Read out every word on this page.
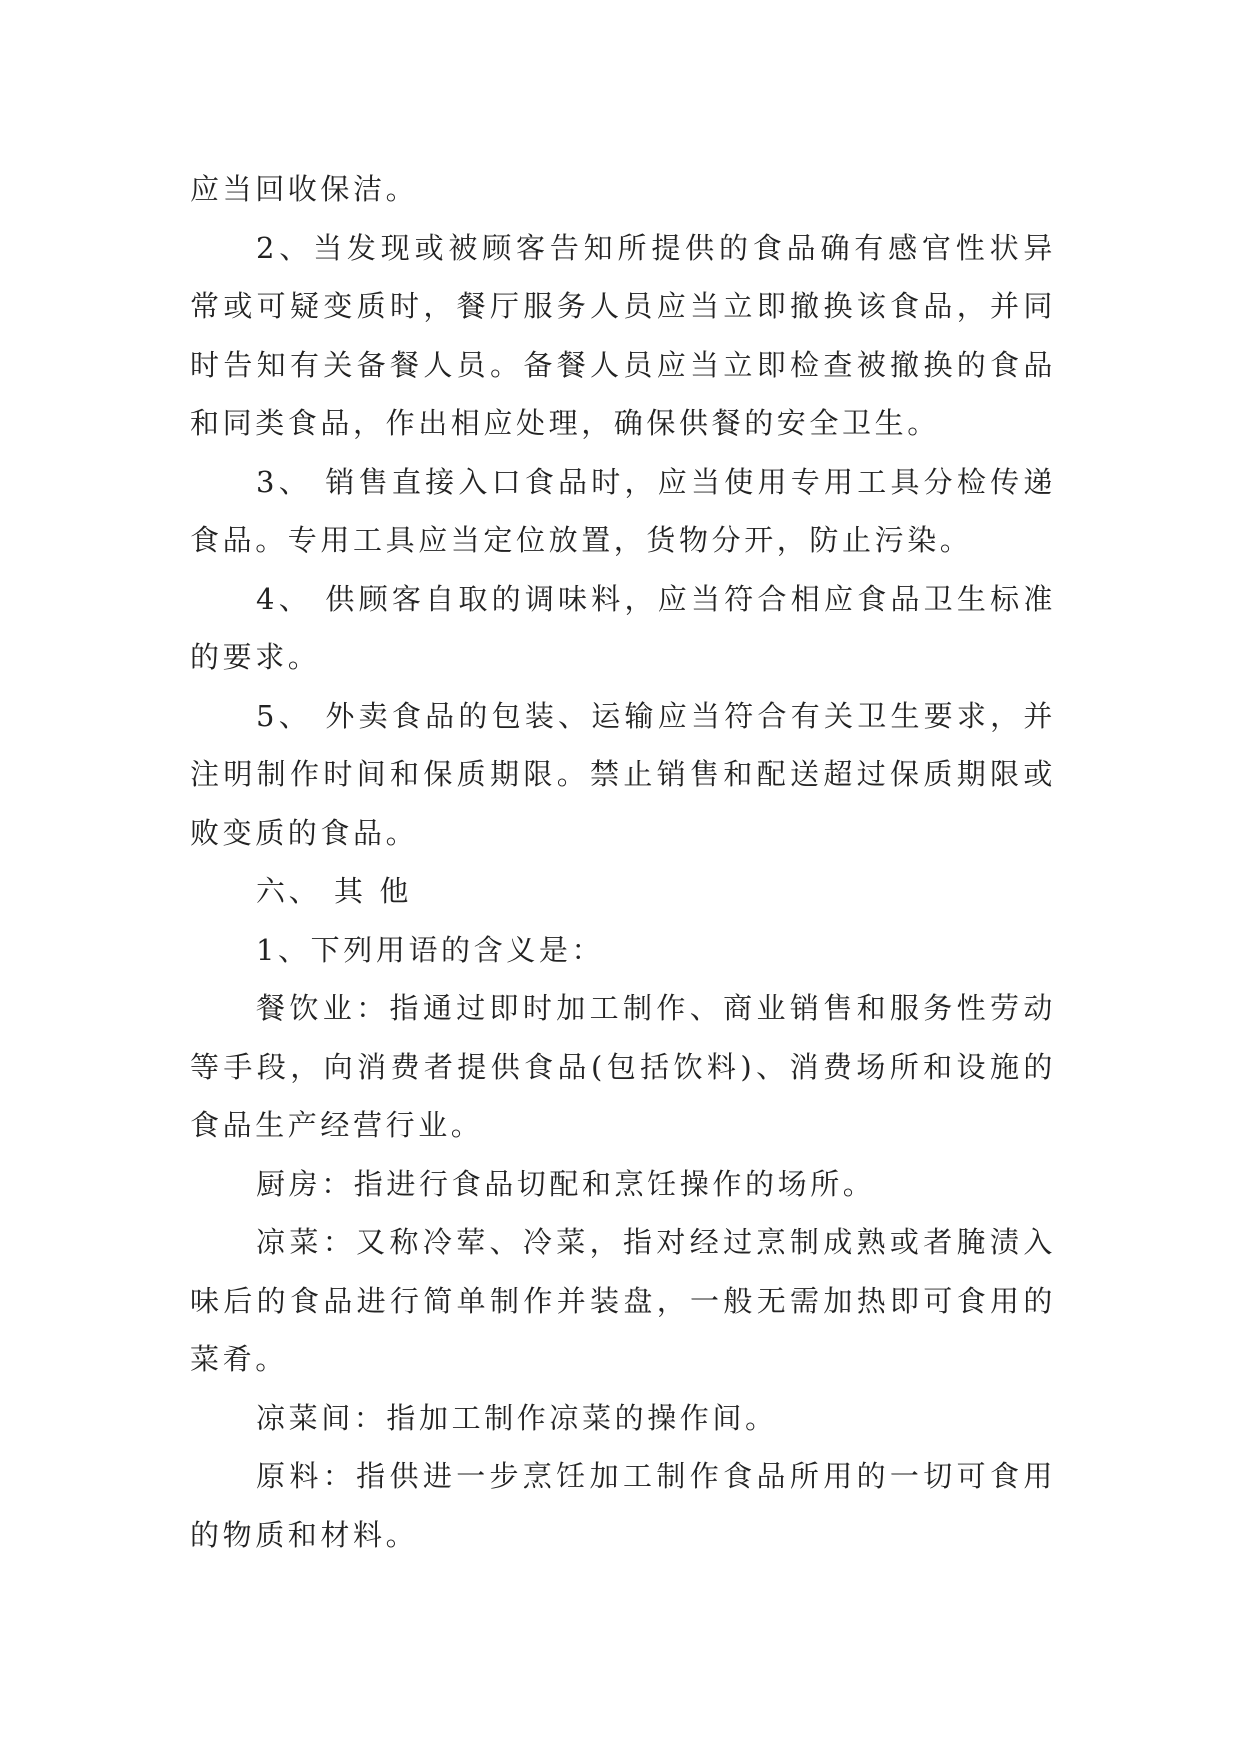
应当回收保洁。

2、当发现或被顾客告知所提供的食品确有感官性状异常或可疑变质时，餐厅服务人员应当立即撤换该食品，并同时告知有关备餐人员。备餐人员应当立即检查被撤换的食品和同类食品，作出相应处理，确保供餐的安全卫生。

3、 销售直接入口食品时，应当使用专用工具分检传递食品。专用工具应当定位放置，货物分开，防止污染。

4、 供顾客自取的调味料，应当符合相应食品卫生标准的要求。

5、 外卖食品的包装、运输应当符合有关卫生要求，并注明制作时间和保质期限。禁止销售和配送超过保质期限或败变质的食品。

六、 其 他

1、下列用语的含义是：

餐饮业：指通过即时加工制作、商业销售和服务性劳动等手段，向消费者提供食品(包括饮料)、消费场所和设施的食品生产经营行业。

厨房：指进行食品切配和烹饪操作的场所。

凉菜：又称冷荤、冷菜，指对经过烹制成熟或者腌渍入味后的食品进行简单制作并装盘，一般无需加热即可食用的菜肴。

凉菜间：指加工制作凉菜的操作间。

原料：指供进一步烹饪加工制作食品所用的一切可食用的物质和材料。
